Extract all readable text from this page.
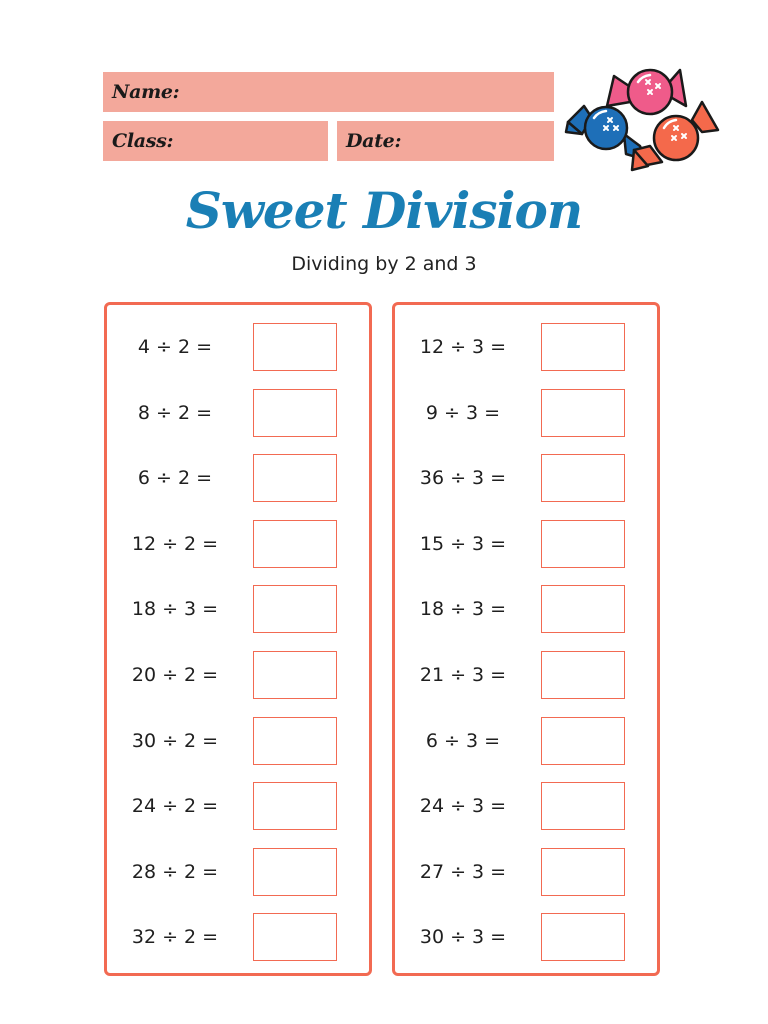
Name:
Class:	Date:
Sweet Division
Dividing by 2 and 3
4 ÷ 2 =
8 ÷ 2 =
6 ÷ 2 =
12 ÷ 2 =
18 ÷ 3 =
20 ÷ 2 =
30 ÷ 2 =
24 ÷ 2 =
28 ÷ 2 =
32 ÷ 2 =
12 ÷ 3 =
9 ÷ 3 =
36 ÷ 3 =
15 ÷ 3 =
18 ÷ 3 =
21 ÷ 3 =
6 ÷ 3 =
24 ÷ 3 =
27 ÷ 3 =
30 ÷ 3 =
